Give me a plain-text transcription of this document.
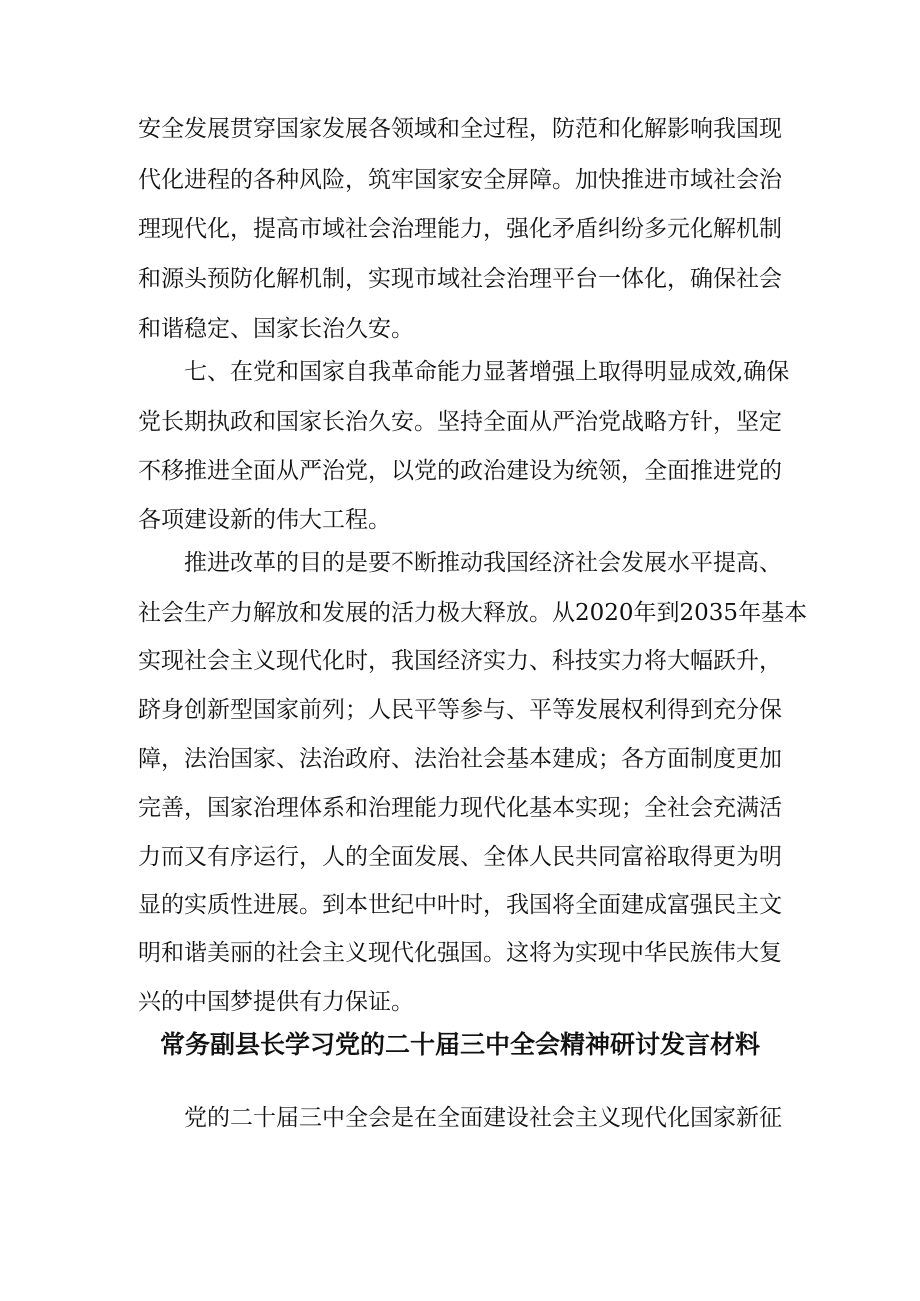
安全发展贯穿国家发展各领域和全过程，防范和化解影响我国现
代化进程的各种风险，筑牢国家安全屏障。加快推进市域社会治
理现代化，提高市域社会治理能力，强化矛盾纠纷多元化解机制
和源头预防化解机制，实现市域社会治理平台一体化，确保社会
和谐稳定、国家长治久安。
七、在党和国家自我革命能力显著增强上取得明显成效,确保
党长期执政和国家长治久安。坚持全面从严治党战略方针，坚定
不移推进全面从严治党，以党的政治建设为统领，全面推进党的
各项建设新的伟大工程。
推进改革的目的是要不断推动我国经济社会发展水平提高、
社会生产力解放和发展的活力极大释放。从2020年到2035年基本
实现社会主义现代化时，我国经济实力、科技实力将大幅跃升，
跻身创新型国家前列；人民平等参与、平等发展权利得到充分保
障，法治国家、法治政府、法治社会基本建成；各方面制度更加
完善，国家治理体系和治理能力现代化基本实现；全社会充满活
力而又有序运行，人的全面发展、全体人民共同富裕取得更为明
显的实质性进展。到本世纪中叶时，我国将全面建成富强民主文
明和谐美丽的社会主义现代化强国。这将为实现中华民族伟大复
兴的中国梦提供有力保证。
常务副县长学习党的二十届三中全会精神研讨发言材料
党的二十届三中全会是在全面建设社会主义现代化国家新征
